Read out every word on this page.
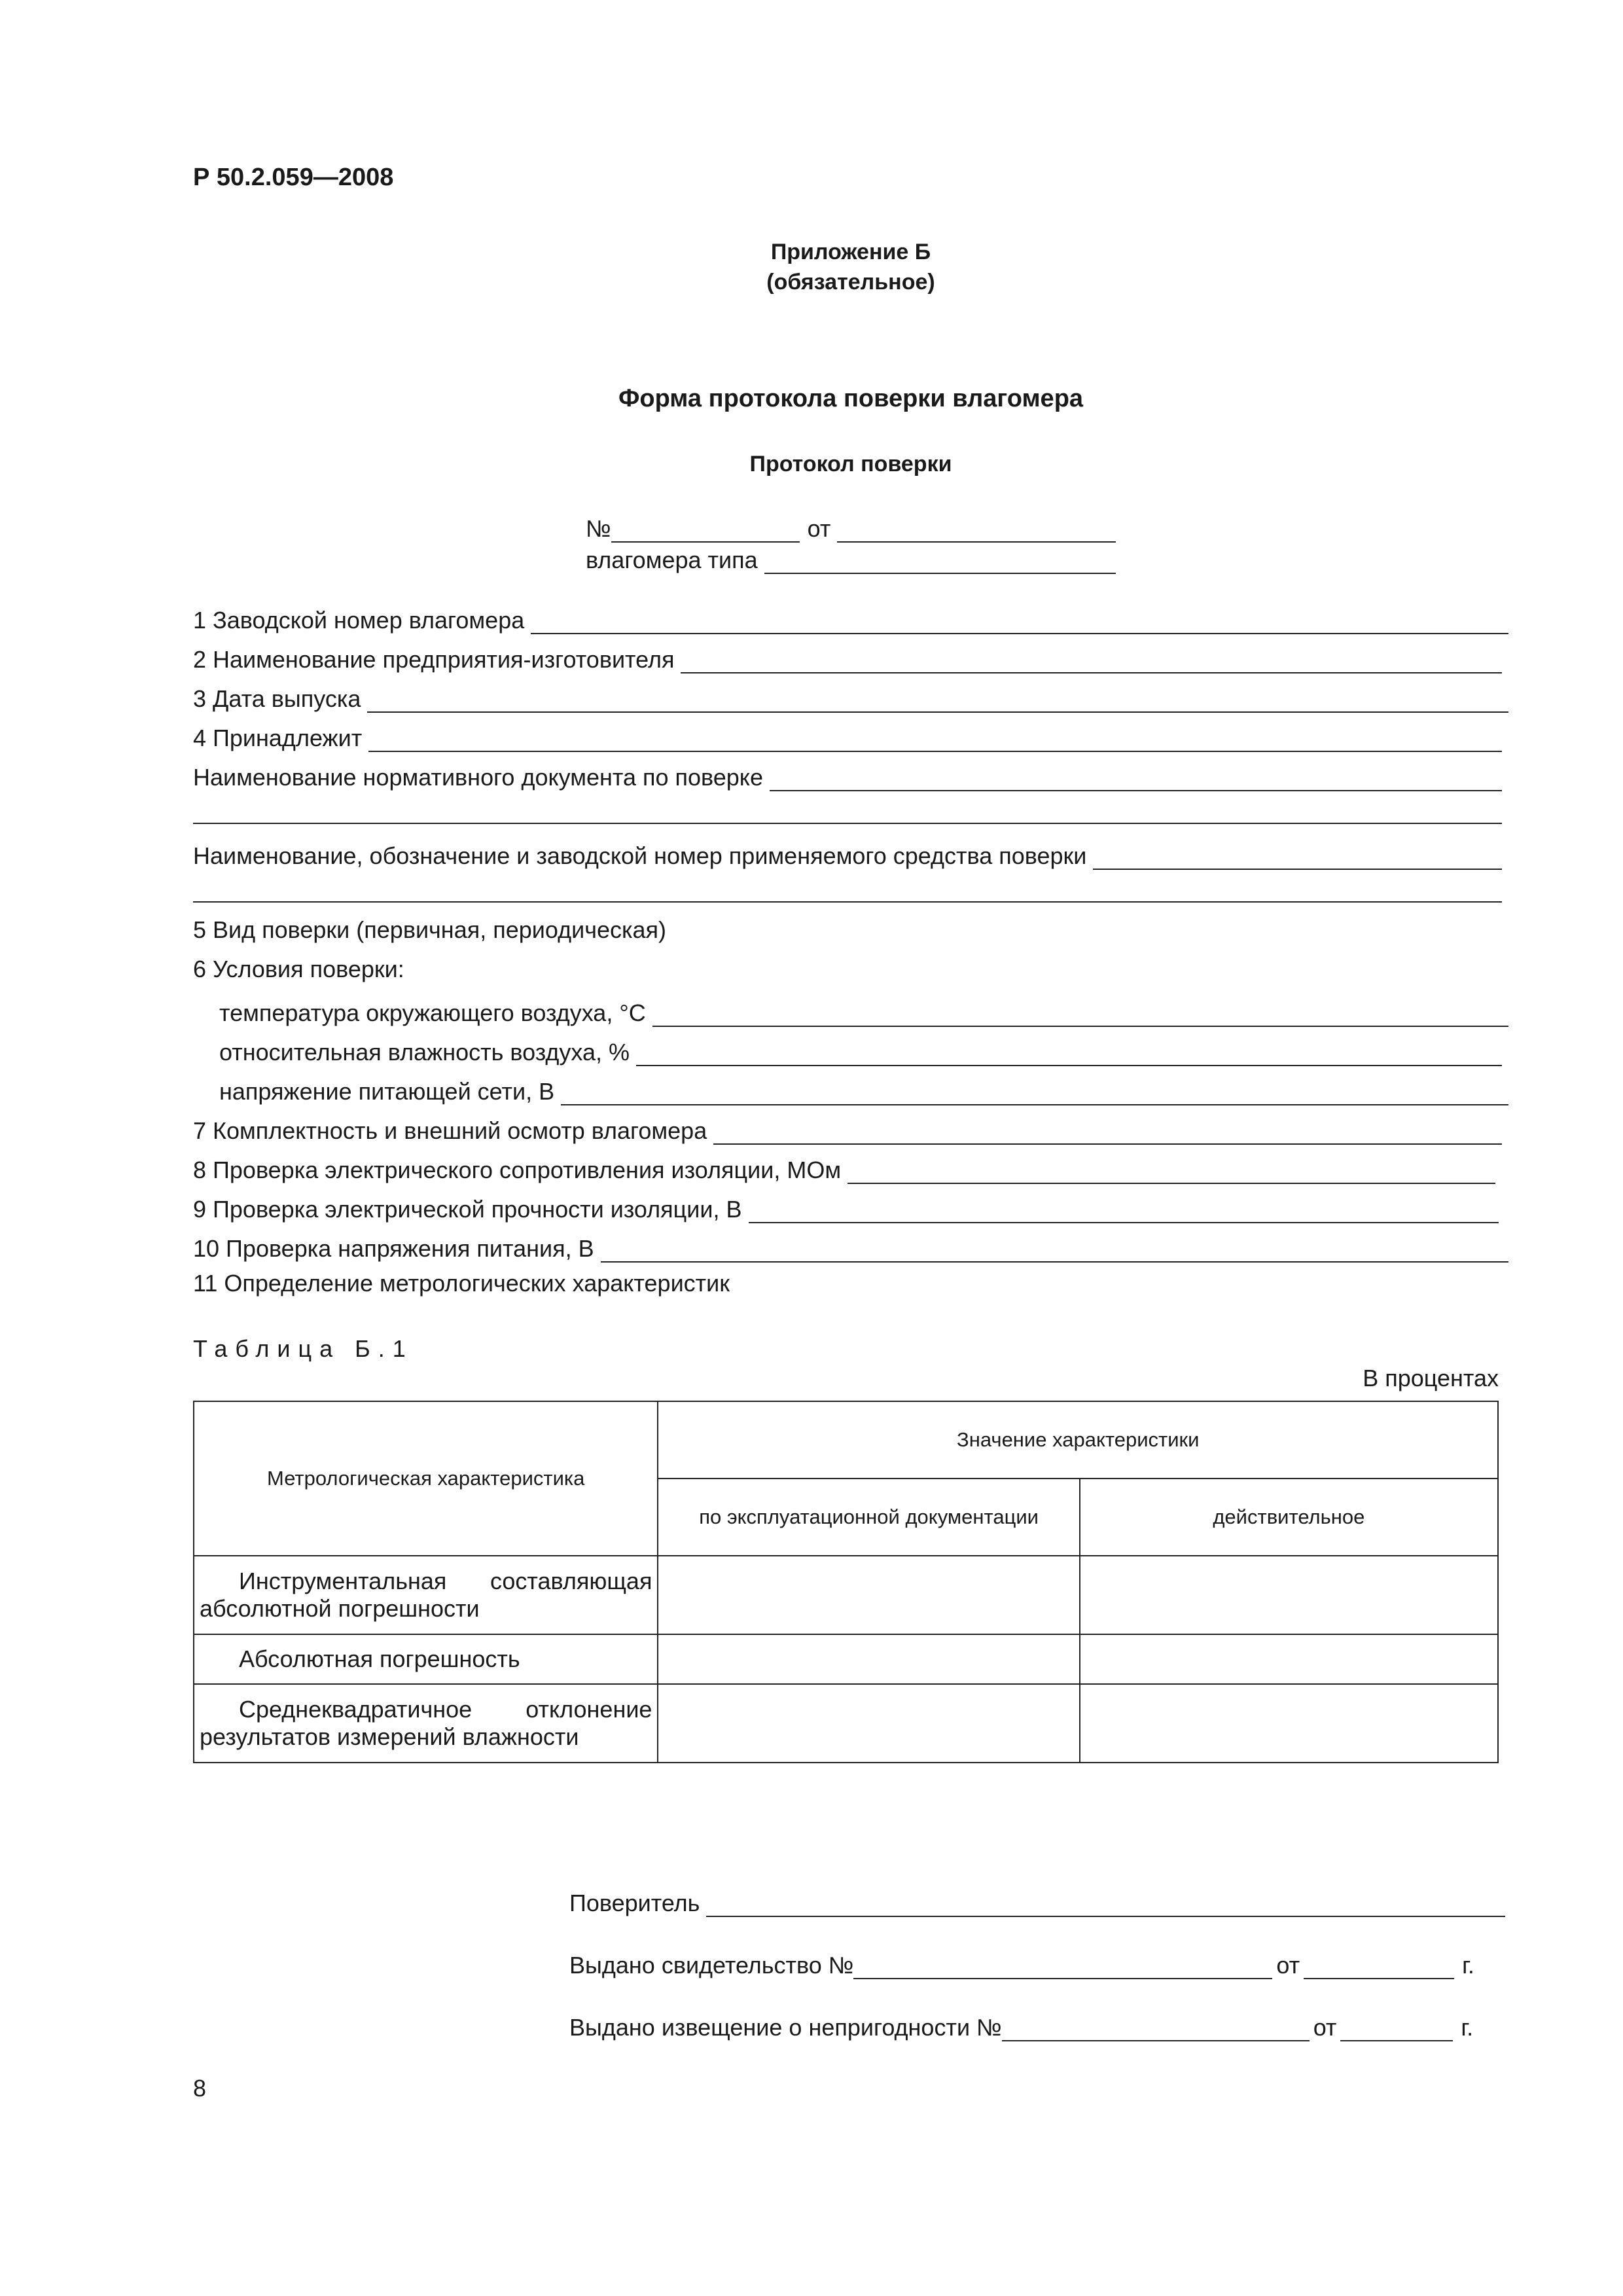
Р 50.2.059—2008
Приложение Б
(обязательное)
Форма протокола поверки влагомера
Протокол поверки
№	от
влагомера типа
1 Заводской номер влагомера
2 Наименование предприятия-изготовителя
3 Дата выпуска
4 Принадлежит
Наименование нормативного документа по поверке
Наименование, обозначение и заводской номер применяемого средства поверки
5 Вид поверки (первичная, периодическая)
6 Условия поверки:
температура окружающего воздуха, °С
относительная влажность воздуха, %
напряжение питающей сети, В
7 Комплектность и внешний осмотр влагомера
8 Проверка электрического сопротивления изоляции, МОм
9 Проверка электрической прочности изоляции, В
10 Проверка напряжения питания, В
11 Определение метрологических характеристик
Таблица Б.1
В процентах
Метрологическая характеристика	Значение характеристики	
	по эксплуатационной документации	действительное
Инструментальная составляющая абсолютной погрешности		
Абсолютная погрешность		
Среднеквадратичное отклонение результатов измерений влажности		
Поверитель
Выдано свидетельство №	от	г.
Выдано извещение о непригодности №	от	г.
8
